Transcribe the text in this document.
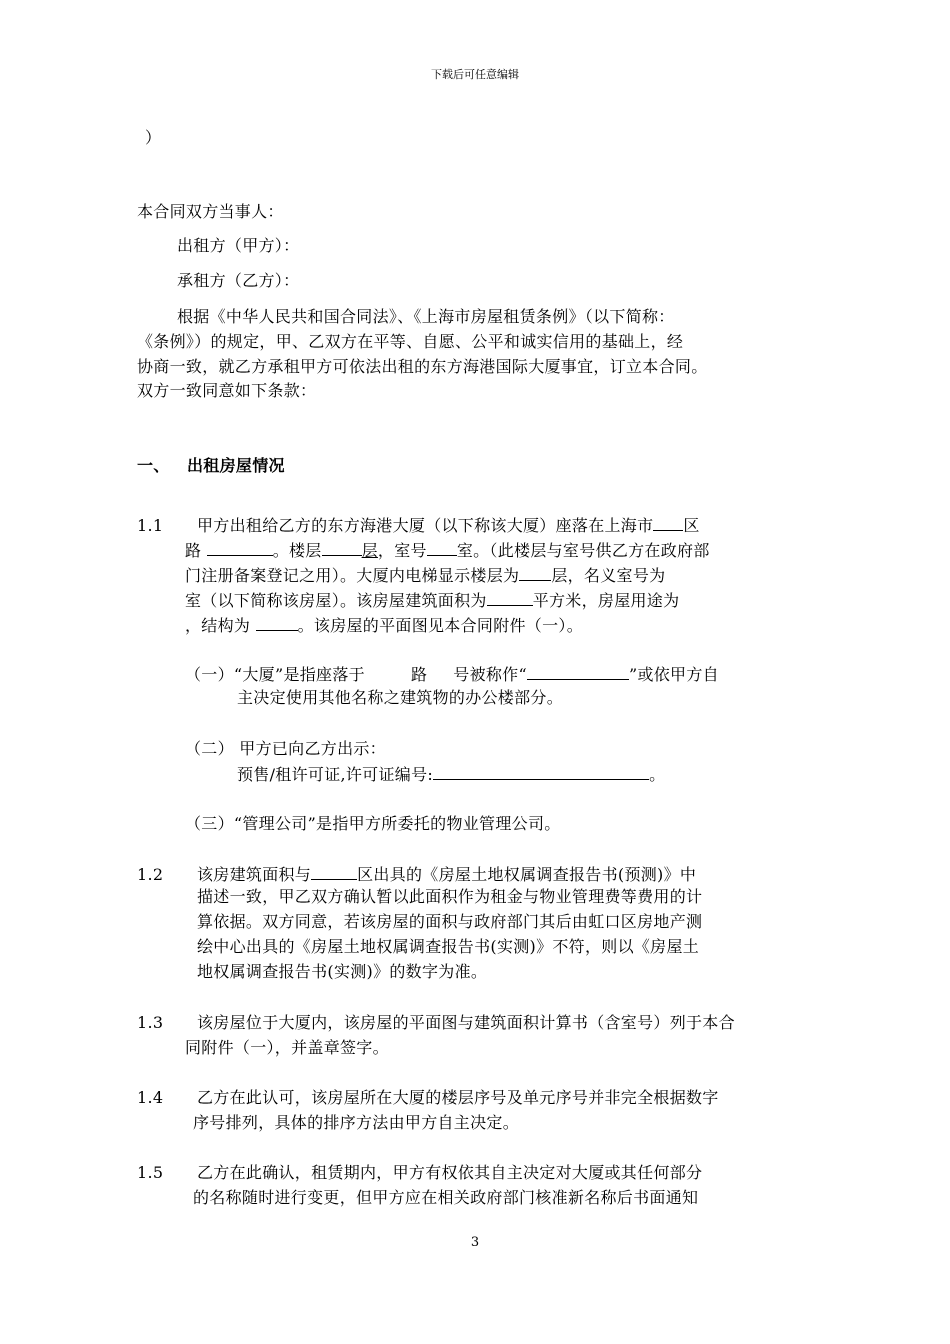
下载后可任意编辑
）
本合同双方当事人：
出租方（甲方）：
承租方（乙方）：
根据《中华人民共和国合同法》、《上海市房屋租赁条例》（以下简称：
《条例》）的规定，甲、乙双方在平等、自愿、公平和诚实信用的基础上，经
协商一致，就乙方承租甲方可依法出租的东方海港国际大厦事宜，订立本合同。
双方一致同意如下条款：
一、 出租房屋情况
1.1 甲方出租给乙方的东方海港大厦（以下称该大厦）座落在上海市 区
路	。楼层	层，室号 室。（此楼层与室号供乙方在政府部
门注册备案登记之用）。大厦内电梯显示楼层为 层，名义室号为
室（以下简称该房屋）。该房屋建筑面积为	平方米，房屋用途为
，结构为	。该房屋的平面图见本合同附件（一）。
（一）“大厦”是指座落于	路 号被称作“	”或依甲方自
主决定使用其他名称之建筑物的办公楼部分。
（二） 甲方已向乙方出示：
预售/租许可证,许可证编号:	。
（三）“管理公司”是指甲方所委托的物业管理公司。
1.2 该房建筑面积与	区出具的《房屋土地权属调查报告书(预测)》中
描述一致，甲乙双方确认暂以此面积作为租金与物业管理费等费用的计
算依据。双方同意，若该房屋的面积与政府部门其后由虹口区房地产测
绘中心出具的《房屋土地权属调查报告书(实测)》不符，则以《房屋土
地权属调查报告书(实测)》的数字为准。
1.3 该房屋位于大厦内，该房屋的平面图与建筑面积计算书（含室号）列于本合
同附件（一），并盖章签字。
1.4 乙方在此认可，该房屋所在大厦的楼层序号及单元序号并非完全根据数字
序号排列，具体的排序方法由甲方自主决定。
1.5 乙方在此确认，租赁期内，甲方有权依其自主决定对大厦或其任何部分
的名称随时进行变更，但甲方应在相关政府部门核准新名称后书面通知
3
